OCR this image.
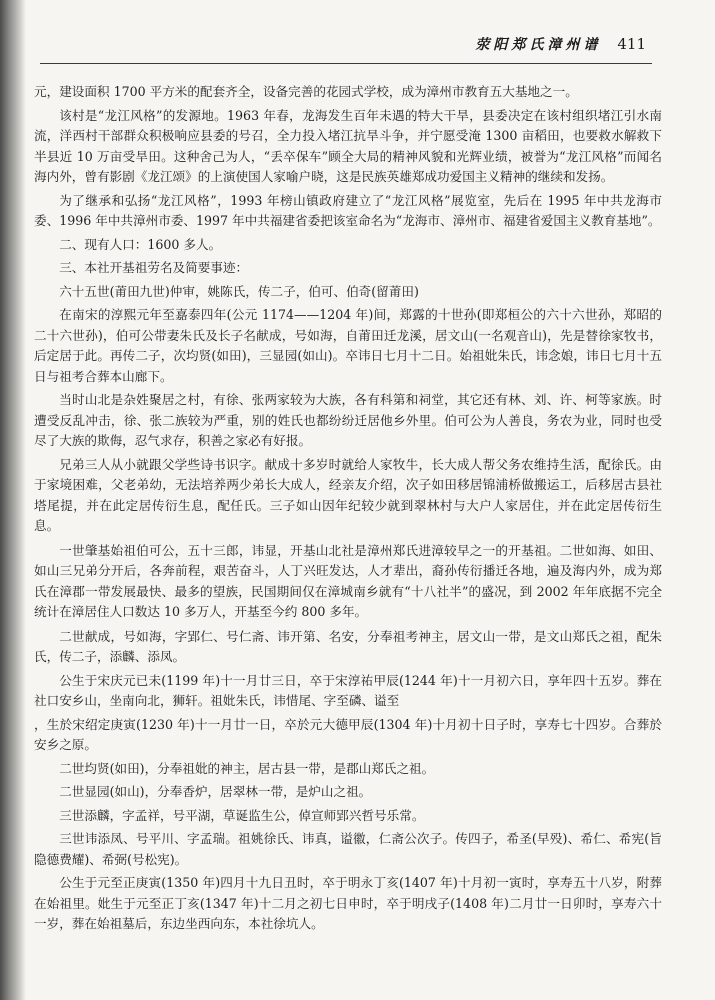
荥阳郑氏漳州谱 411

元，建设面积 1700 平方米的配套齐全，设备完善的花园式学校，成为漳州市教育五大基地之一。

该村是“龙江风格”的发源地。1963 年春，龙海发生百年未遇的特大干旱，县委决定在该村组织堵江引水南流，洋西村干部群众积极响应县委的号召，全力投入堵江抗旱斗争，并宁愿受淹 1300 亩稻田，也要救水解救下半县近 10 万亩受旱田。这种舍己为人，“丢卒保车”顾全大局的精神风貌和光辉业绩，被誉为“龙江风格”而闻名海内外，曾有影剧《龙江颂》的上演使国人家喻户晓，这是民族英雄郑成功爱国主义精神的继续和发扬。

为了继承和弘扬“龙江风格”，1993 年榜山镇政府建立了“龙江风格”展览室，先后在 1995 年中共龙海市委、1996 年中共漳州市委、1997 年中共福建省委把该室命名为“龙海市、漳州市、福建省爱国主义教育基地”。

二、现有人口：1600 多人。

三、本社开基祖劳名及简要事迹：

六十五世(莆田九世)仲审，姚陈氏，传二子，伯可、伯奇(留莆田)

在南宋的淳熙元年至嘉泰四年(公元 1174——1204 年)间，郑露的十世孙(即郑桓公的六十六世孙，郑昭的二十六世孙)，伯可公带妻朱氏及长子名献成，号如海，自莆田迁龙溪，居文山(一名观音山)，先是替徐家牧书，后定居于此。再传二子，次均贤(如田)，三显园(如山)。卒讳日七月十二日。始祖妣朱氏，讳念娘，讳日七月十五日与祖考合葬本山廊下。

当时山北是杂姓聚居之村，有徐、张两家较为大族，各有科第和祠堂，其它还有林、刘、许、柯等家族。时遭受反乱冲击，徐、张二族较为严重，别的姓氏也都纷纷迁居他乡外里。伯可公为人善良，务农为业，同时也受尽了大族的欺侮，忍气求存，积善之家必有好报。

兄弟三人从小就跟父学些诗书识字。献成十多岁时就给人家牧牛，长大成人帮父务农维持生活，配徐氏。由于家境困难，父老弟幼，无法培养两少弟长大成人，经亲友介绍，次子如田移居锦浦桥做搬运工，后移居古县社塔尾提，并在此定居传衍生息，配任氏。三子如山因年纪较少就到翠林村与大户人家居住，并在此定居传衍生息。

一世肇基始祖伯可公，五十三郎，讳显，开基山北社是漳州郑氏进漳较早之一的开基祖。二世如海、如田、如山三兄弟分开后，各奔前程，艰苦奋斗，人丁兴旺发达，人才辈出，裔孙传衍播迁各地，遍及海内外，成为郑氏在漳郡一带发展最快、最多的望族，民国期间仅在漳城南乡就有“十八社半”的盛况，到 2002 年年底据不完全统计在漳居住人口数达 10 多万人，开基至今约 800 多年。

二世献成，号如海，字郢仁、号仁斋、讳开第、名安，分奉祖考神主，居文山一带，是文山郑氏之祖，配朱氏，传二子，添麟、添凤。

公生于宋庆元已未(1199 年)十一月廿三日，卒于宋淳祐甲辰(1244 年)十一月初六日，享年四十五岁。葬在社口安乡山，坐南向北，狮轩。祖妣朱氏，讳惜尾、字至磷、谥至

，生於宋绍定庚寅(1230 年)十一月廿一日，卒於元大德甲辰(1304 年)十月初十日子时，享寿七十四岁。合葬於安乡之原。

二世均贤(如田)，分奉祖妣的神主，居古县一带，是郡山郑氏之祖。

二世显园(如山)，分奉香炉，居翠林一带，是炉山之祖。

三世添麟，字孟祥，号平湖，草诞监生公，倬宣师郢兴哲号乐常。

三世讳添凤、号平川、字孟瑞。祖姚徐氏、讳真，谥徽，仁斋公次子。传四子，希圣(早殁)、希仁、希宪(旨隐德费耀)、希弼(号松宪)。

公生于元至正庚寅(1350 年)四月十九日丑时，卒于明永丁亥(1407 年)十月初一寅时，享寿五十八岁，附葬在始祖里。妣生于元至正丁亥(1347 年)十二月之初七日申时，卒于明戌子(1408 年)二月廿一日卯时，享寿六十一岁，葬在始祖墓后，东边坐西向东，本社徐坑人。
